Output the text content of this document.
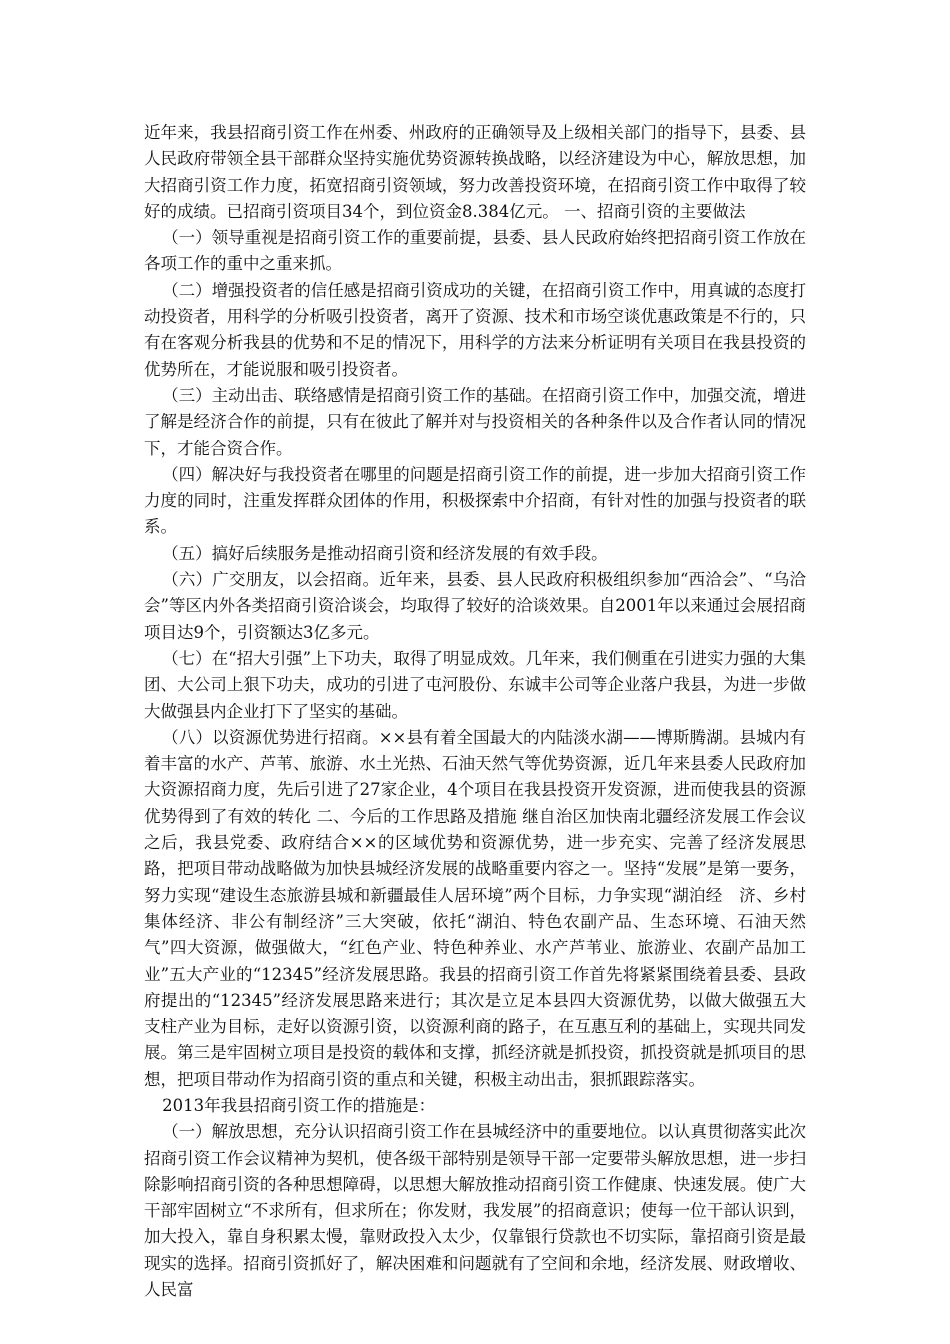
近年来，我县招商引资工作在州委、州政府的正确领导及上级相关部门的指导下，县委、县人民政府带领全县干部群众坚持实施优势资源转换战略，以经济建设为中心，解放思想，加大招商引资工作力度，拓宽招商引资领域，努力改善投资环境，在招商引资工作中取得了较好的成绩。已招商引资项目34个，到位资金8.384亿元。 一、招商引资的主要做法

（一）领导重视是招商引资工作的重要前提，县委、县人民政府始终把招商引资工作放在各项工作的重中之重来抓。

（二）增强投资者的信任感是招商引资成功的关键，在招商引资工作中，用真诚的态度打动投资者，用科学的分析吸引投资者，离开了资源、技术和市场空谈优惠政策是不行的，只有在客观分析我县的优势和不足的情况下，用科学的方法来分析证明有关项目在我县投资的优势所在，才能说服和吸引投资者。

（三）主动出击、联络感情是招商引资工作的基础。在招商引资工作中，加强交流，增进了解是经济合作的前提，只有在彼此了解并对与投资相关的各种条件以及合作者认同的情况下，才能合资合作。

（四）解决好与我投资者在哪里的问题是招商引资工作的前提，进一步加大招商引资工作力度的同时，注重发挥群众团体的作用，积极探索中介招商，有针对性的加强与投资者的联系。

（五）搞好后续服务是推动招商引资和经济发展的有效手段。

（六）广交朋友，以会招商。近年来，县委、县人民政府积极组织参加“西洽会”、“乌洽会”等区内外各类招商引资洽谈会，均取得了较好的洽谈效果。自2001年以来通过会展招商项目达9个，引资额达3亿多元。

（七）在“招大引强”上下功夫，取得了明显成效。几年来，我们侧重在引进实力强的大集团、大公司上狠下功夫，成功的引进了屯河股份、东诚丰公司等企业落户我县，为进一步做大做强县内企业打下了坚实的基础。

（八）以资源优势进行招商。××县有着全国最大的内陆淡水湖——博斯腾湖。县城内有着丰富的水产、芦苇、旅游、水土光热、石油天然气等优势资源，近几年来县委人民政府加大资源招商力度，先后引进了27家企业，4个项目在我县投资开发资源，进而使我县的资源优势得到了有效的转化 二、今后的工作思路及措施 继自治区加快南北疆经济发展工作会议之后，我县党委、政府结合××的区域优势和资源优势，进一步充实、完善了经济发展思路，把项目带动战略做为加快县城经济发展的战略重要内容之一。坚持“发展”是第一要务，努力实现“建设生态旅游县城和新疆最佳人居环境”两个目标，力争实现“湖泊经　济、乡村集体经济、非公有制经济”三大突破，依托“湖泊、特色农副产品、生态环境、石油天然气”四大资源，做强做大，“红色产业、特色种养业、水产芦苇业、旅游业、农副产品加工业”五大产业的“12345”经济发展思路。我县的招商引资工作首先将紧紧围绕着县委、县政府提出的“12345”经济发展思路来进行；其次是立足本县四大资源优势，以做大做强五大支柱产业为目标，走好以资源引资，以资源利商的路子，在互惠互利的基础上，实现共同发展。第三是牢固树立项目是投资的载体和支撑，抓经济就是抓投资，抓投资就是抓项目的思想，把项目带动作为招商引资的重点和关键，积极主动出击，狠抓跟踪落实。

2013年我县招商引资工作的措施是：

（一）解放思想，充分认识招商引资工作在县城经济中的重要地位。以认真贯彻落实此次招商引资工作会议精神为契机，使各级干部特别是领导干部一定要带头解放思想，进一步扫除影响招商引资的各种思想障碍，以思想大解放推动招商引资工作健康、快速发展。使广大干部牢固树立“不求所有，但求所在；你发财，我发展”的招商意识；使每一位干部认识到，加大投入，靠自身积累太慢，靠财政投入太少，仅靠银行贷款也不切实际，靠招商引资是最现实的选择。招商引资抓好了，解决困难和问题就有了空间和余地，经济发展、财政增收、人民富
